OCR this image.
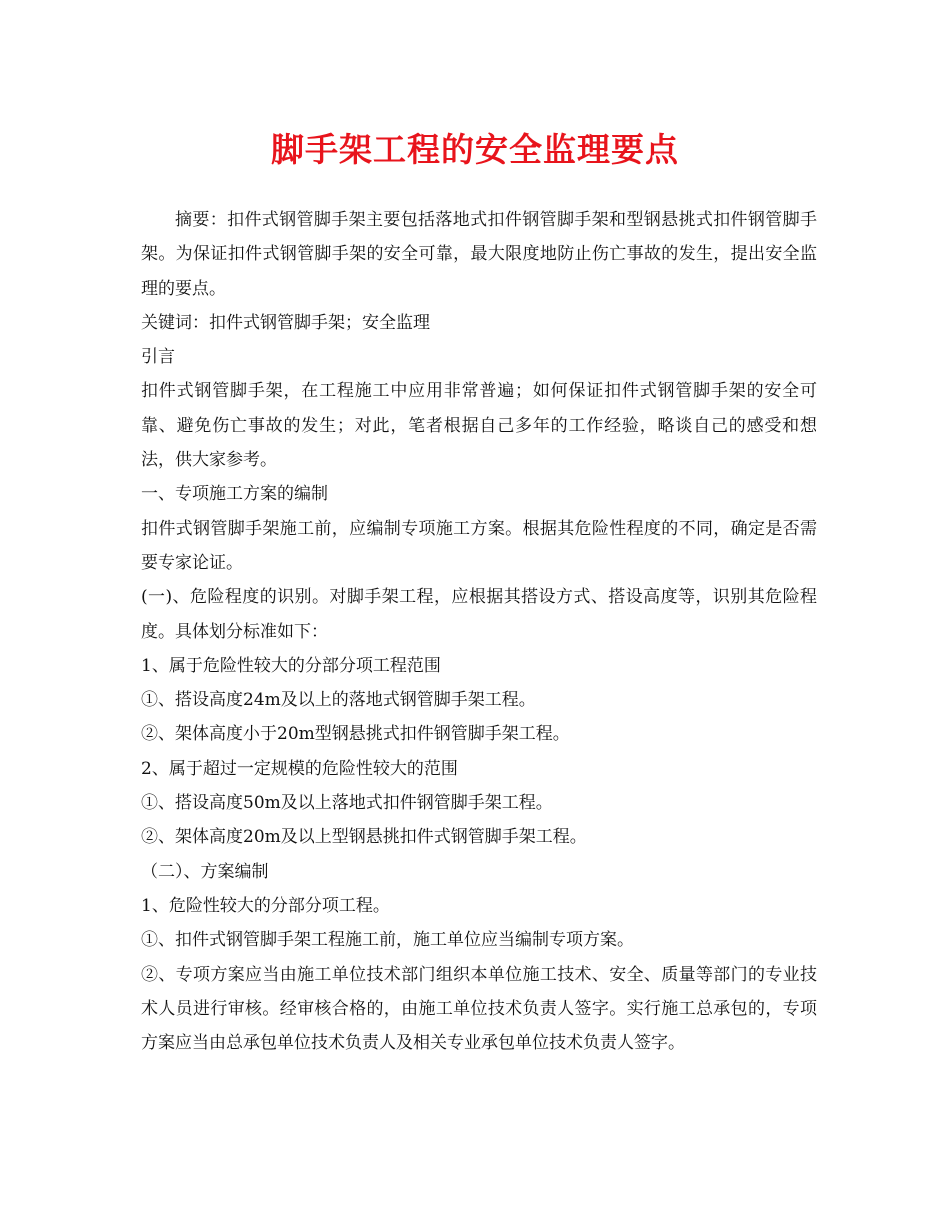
脚手架工程的安全监理要点

摘要：扣件式钢管脚手架主要包括落地式扣件钢管脚手架和型钢悬挑式扣件钢管脚手架。为保证扣件式钢管脚手架的安全可靠，最大限度地防止伤亡事故的发生，提出安全监理的要点。

关键词：扣件式钢管脚手架；安全监理

引言

扣件式钢管脚手架，在工程施工中应用非常普遍；如何保证扣件式钢管脚手架的安全可靠、避免伤亡事故的发生；对此，笔者根据自己多年的工作经验，略谈自己的感受和想法，供大家参考。

一、专项施工方案的编制

扣件式钢管脚手架施工前，应编制专项施工方案。根据其危险性程度的不同，确定是否需要专家论证。

(一)、危险程度的识别。对脚手架工程，应根据其搭设方式、搭设高度等，识别其危险程度。具体划分标准如下：

1、属于危险性较大的分部分项工程范围

①、搭设高度24m及以上的落地式钢管脚手架工程。

②、架体高度小于20m型钢悬挑式扣件钢管脚手架工程。

2、属于超过一定规模的危险性较大的范围

①、搭设高度50m及以上落地式扣件钢管脚手架工程。

②、架体高度20m及以上型钢悬挑扣件式钢管脚手架工程。

（二）、方案编制

1、危险性较大的分部分项工程。

①、扣件式钢管脚手架工程施工前，施工单位应当编制专项方案。

②、专项方案应当由施工单位技术部门组织本单位施工技术、安全、质量等部门的专业技术人员进行审核。经审核合格的，由施工单位技术负责人签字。实行施工总承包的，专项方案应当由总承包单位技术负责人及相关专业承包单位技术负责人签字。
